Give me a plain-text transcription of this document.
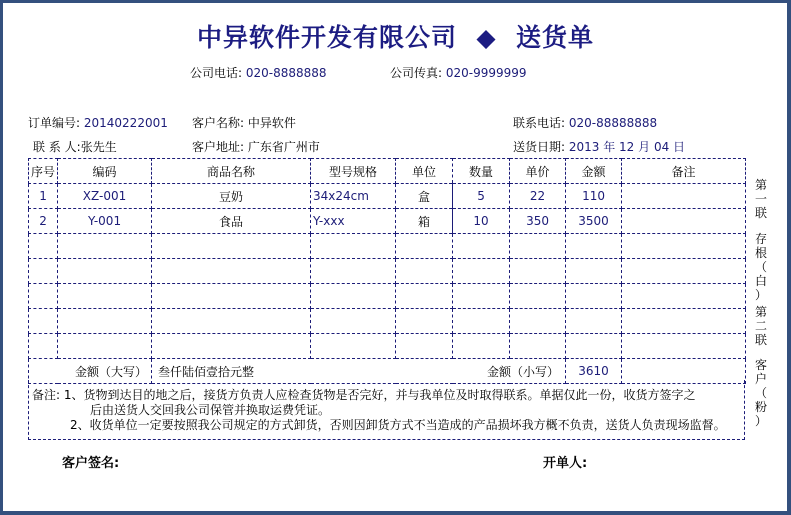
中异软件开发有限公司 ◆ 送货单
公司电话: 020-8888888	公司传真: 020-9999999
订单编号: 20140222001 客户名称: 中异软件	联系电话: 020-88888888
联 系 人:张先生	客户地址: 广东省广州市	送货日期: 2013 年 12 月 04 日
序号	编码	商品名称	型号规格	单位	数量	单价	金额	备注
1	XZ-001	豆奶	34x24cm	盒	5	22	110	
2	Y-001	食品	Y-xxx	箱	10	350	3500	

金额（大写）		叁仟陆佰壹拾元整 金额（小写）					3610	
备注: 1、货物到达目的地之后，接货方负责人应检查货物是否完好，并与我单位及时取得联系。单据仅此一份，收货方签字之
后由送货人交回我公司保管并换取运费凭证。
2、收货单位一定要按照我公司规定的方式卸货，否则因卸货方式不当造成的产品损坏我方概不负责，送货人负责现场监督。
第
一
联
存
根
（
白
）
第
二
联
客
户
（
粉
）
客户签名:	开单人:
